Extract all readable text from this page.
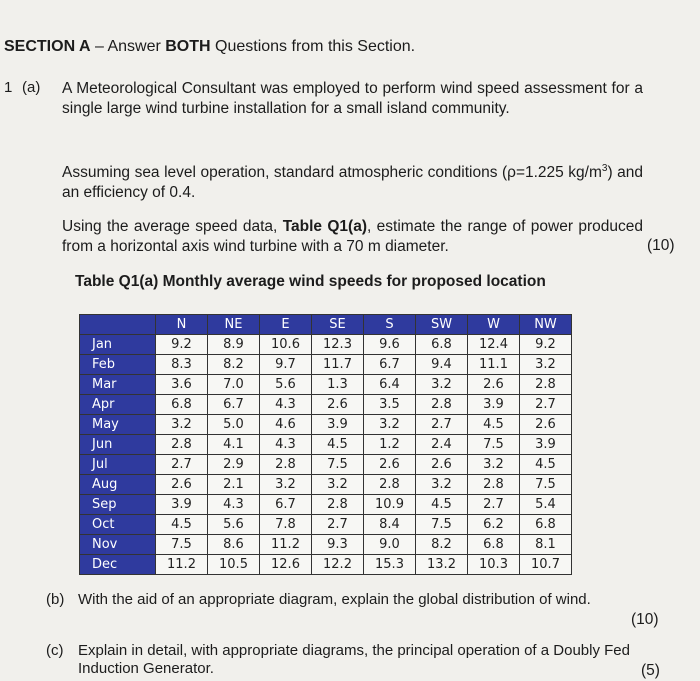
SECTION A – Answer BOTH Questions from this Section.
1 (a) A Meteorological Consultant was employed to perform wind speed assessment for a single large wind turbine installation for a small island community.
Assuming sea level operation, standard atmospheric conditions (ρ=1.225 $kg/m^3$) and an efficiency of 0.4.
Using the average speed data, Table Q1(a), estimate the range of power produced from a horizontal axis wind turbine with a 70 m diameter.	(10)
Table Q1(a) Monthly average wind speeds for proposed location
	N	NE	E	SE	S	SW	W	NW
Jan	9.2	8.9	10.6	12.3	9.6	6.8	12.4	9.2
Feb	8.3	8.2	9.7	11.7	6.7	9.4	11.1	3.2
Mar	3.6	7.0	5.6	1.3	6.4	3.2	2.6	2.8
Apr	6.8	6.7	4.3	2.6	3.5	2.8	3.9	2.7
May	3.2	5.0	4.6	3.9	3.2	2.7	4.5	2.6
Jun	2.8	4.1	4.3	4.5	1.2	2.4	7.5	3.9
Jul	2.7	2.9	2.8	7.5	2.6	2.6	3.2	4.5
Aug	2.6	2.1	3.2	3.2	2.8	3.2	2.8	7.5
Sep	3.9	4.3	6.7	2.8	10.9	4.5	2.7	5.4
Oct	4.5	5.6	7.8	2.7	8.4	7.5	6.2	6.8
Nov	7.5	8.6	11.2	9.3	9.0	8.2	6.8	8.1
Dec	11.2	10.5	12.6	12.2	15.3	13.2	10.3	10.7
(b) With the aid of an appropriate diagram, explain the global distribution of wind.
(10)
(c) Explain in detail, with appropriate diagrams, the principal operation of a Doubly Fed Induction Generator.	(5)
